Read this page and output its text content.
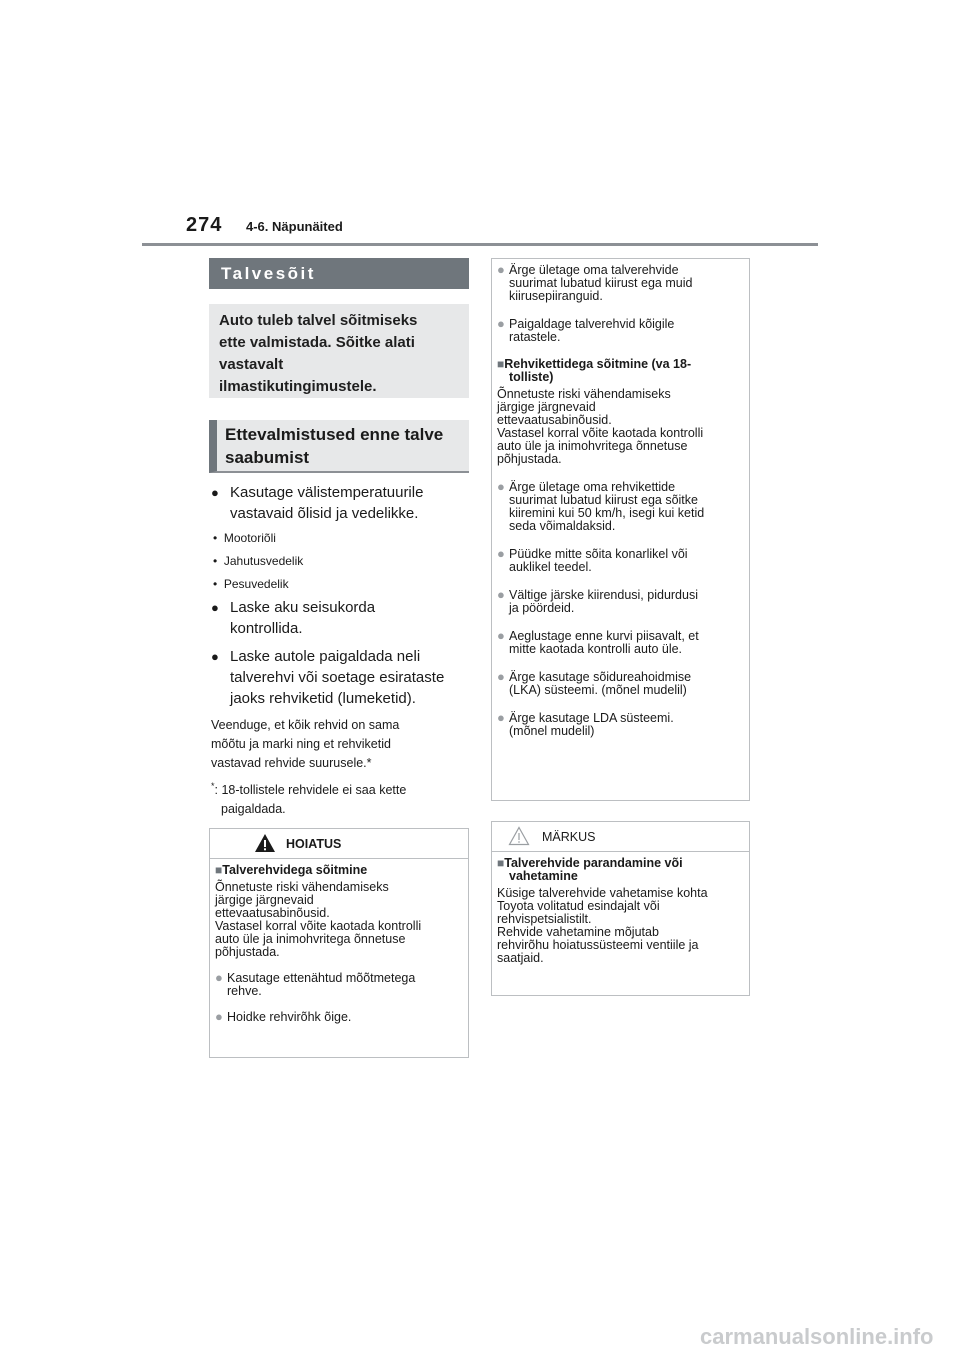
274 4-6. Näpunäited
Talvesõit
Auto tuleb talvel sõitmiseks
ette valmistada. Sõitke alati
vastavalt
ilmastikutingimustele.
Ettevalmistused enne talve
saabumist
● Kasutage välistemperatuurile
vastavaid õlisid ja vedelikke.
•  Mootoriõli
•  Jahutusvedelik
•  Pesuvedelik
● Laske aku seisukorda
kontrollida.
● Laske autole paigaldada neli
talverehvi või soetage esirataste
jaoks rehviketid (lumeketid).
Veenduge, et kõik rehvid on sama
mõõtu ja marki ning et rehviketid
vastavad rehvide suurusele.*
*: 18-tollistele rehvidele ei saa kette
paigaldada.
HOIATUS
■Talverehvidega sõitmine
Õnnetuste riski vähendamiseks
järgige järgnevaid
ettevaatusabinõusid.
Vastasel korral võite kaotada kontrolli
auto üle ja inimohvritega õnnetuse
põhjustada.
● Kasutage ettenähtud mõõtmetega
rehve.
● Hoidke rehvirõhk õige.
● Ärge ületage oma talverehvide
suurimat lubatud kiirust ega muid
kiirusepiiranguid.
● Paigaldage talverehvid kõigile
ratastele.
■Rehvikettidega sõitmine (va 18-
tolliste)
Õnnetuste riski vähendamiseks
järgige järgnevaid
ettevaatusabinõusid.
Vastasel korral võite kaotada kontrolli
auto üle ja inimohvritega õnnetuse
põhjustada.
● Ärge ületage oma rehvikettide
suurimat lubatud kiirust ega sõitke
kiiremini kui 50 km/h, isegi kui ketid
seda võimaldaksid.
● Püüdke mitte sõita konarlikel või
auklikel teedel.
● Vältige järske kiirendusi, pidurdusi
ja pöördeid.
● Aeglustage enne kurvi piisavalt, et
mitte kaotada kontrolli auto üle.
● Ärge kasutage sõidureahoidmise
(LKA) süsteemi. (mõnel mudelil)
● Ärge kasutage LDA süsteemi.
(mõnel mudelil)
MÄRKUS
■Talverehvide parandamine või
vahetamine
Küsige talverehvide vahetamise kohta
Toyota volitatud esindajalt või
rehvispetsialistilt.
Rehvide vahetamine mõjutab
rehvirõhu hoiatussüsteemi ventiile ja
saatjaid.
carmanualsonline.info
